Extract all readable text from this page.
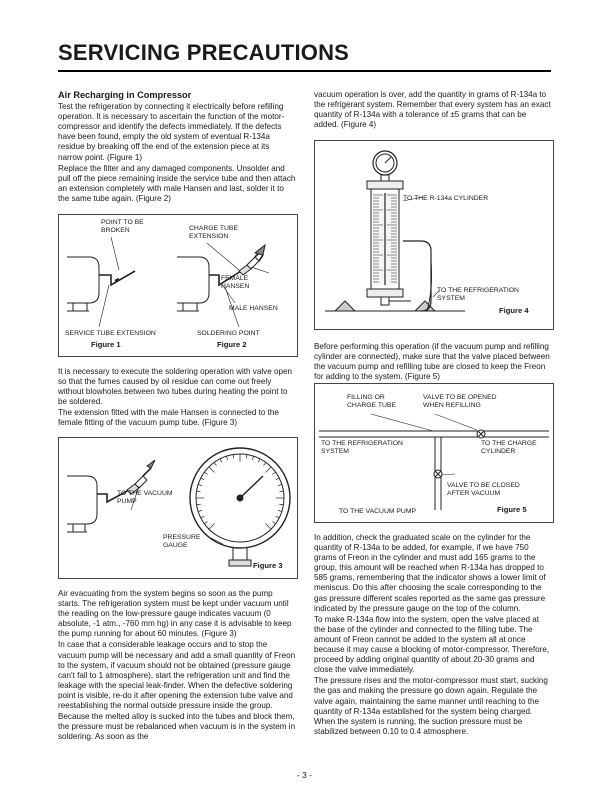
SERVICING PRECAUTIONS
Air Recharging in Compressor

Test the refrigeration by connecting it electrically before refilling operation. It is necessary to ascertain the function of the motor-compressor and identify the defects immediately. If the defects have been found, empty the old system of eventual R-134a residue by breaking off the end of the extension piece at its narrow point. (Figure 1)

Replace the filter and any damaged components. Unsolder and pull off the piece remaining inside the service tube and then attach an extension completely with male Hansen and last, solder it to the same tube again. (Figure 2)

POINT TO BE
BROKEN	CHARGE TUBE
EXTENSION
FEMALE
HANSEN
MALE HANSEN
SERVICE TUBE EXTENSION	SOLDERING POINT
Figure 1	Figure 2

It is necessary to execute the soldering operation with valve open so that the fumes caused by oil residue can come out freely without blowholes between two tubes during heating the point to be soldered.

The extension fitted with the male Hansen is connected to the female fitting of the vacuum pump tube. (Figure 3)

TO THE VACUUM
PUMP
PRESSURE
GAUGE
Figure 3

Air evacuating from the system begins so soon as the pump starts. The refrigeration system must be kept under vacuum until the reading on the low-pressure gauge indicates vacuum (0 absolute, -1 atm., -760 mm hg) in any case it is advisable to keep the pump running for about 60 minutes. (Figure 3)

In case that a considerable leakage occurs and to stop the vacuum pump will be necessary and add a small quantity of Freon to the system, if vacuum should not be obtained (pressure gauge can't fall to 1 atmosphere), start the refrigeration unit and find the leakage with the special leak-finder. When the defective soldering point is visible, re-do it after opening the extension tube valve and reestablishing the normal outside pressure inside the group.

Because the melted alloy is sucked into the tubes and block them, the pressure must be rebalanced when vacuum is in the system in soldering. As soon as the

vacuum operation is over, add the quantity in grams of R-134a to the refrigerant system. Remember that every system has an exact quantity of R-134a with a tolerance of ±5 grams that can be added. (Figure 4)

TO THE R-134a CYLINDER
TO THE REFRIGERATION
SYSTEM
Figure 4

Before performing this operation (if the vacuum pump and refilling cylinder are connected), make sure that the valve placed between the vacuum pump and refilling tube are closed to keep the Freon for adding to the system. (Figure 5)

FILLING OR
CHARGE TUBE
VALVE TO BE OPENED
WHEN REFILLING
TO THE REFRIGERATION
SYSTEM
TO THE CHARGE
CYLINDER
VALVE TO BE CLOSED
AFTER VACUUM
TO THE VACUUM PUMP	Figure 5

In addition, check the graduated scale on the cylinder for the quantity of R-134a to be added, for example, if we have 750 grams of Freon in the cylinder and must add 165 grams to the group, this amount will be reached when R-134a has dropped to 585 grams, remembering that the indicator shows a lower limit of meniscus. Do this after choosing the scale corresponding to the gas pressure different scales reported as the same gas pressure indicated by the pressure gauge on the top of the column.

To make R-134a flow into the system, open the valve placed at the base of the cylinder and connected to the filling tube. The amount of Freon cannot be added to the system all at once because it may cause a blocking of motor-compressor. Therefore, proceed by adding original quantity of about 20-30 grams and close the valve immediately.

The pressure rises and the motor-compressor must start, sucking the gas and making the pressure go down again. Regulate the valve again, maintaining the same manner until reaching to the quantity of R-134a established for the system being charged. When the system is running, the suction pressure must be stabilized between 0.10 to 0.4 atmosphere.

- 3 -
